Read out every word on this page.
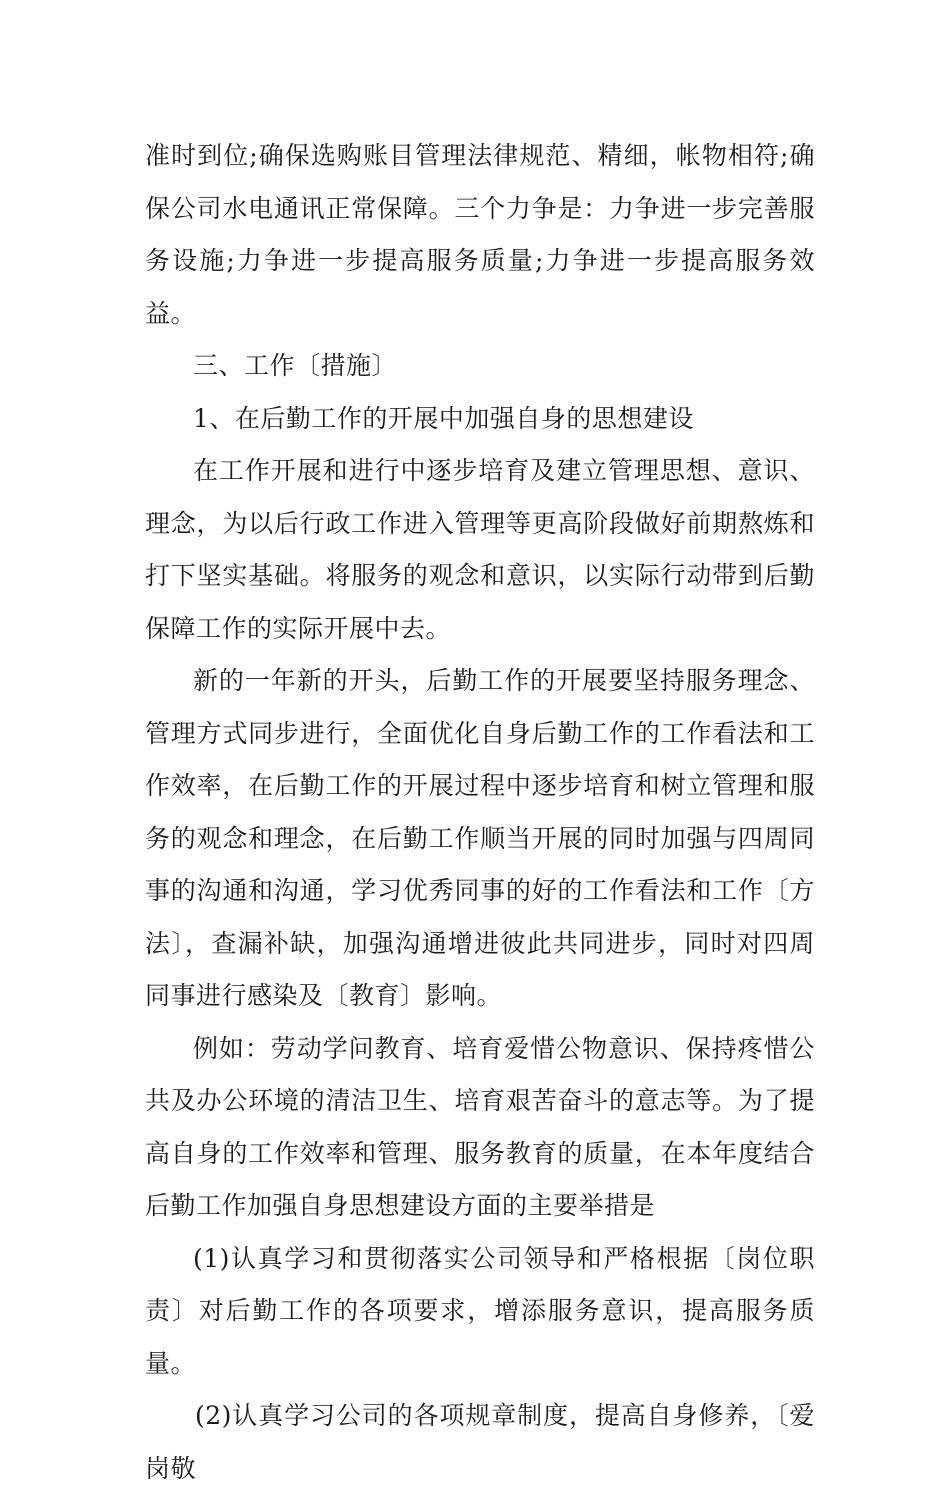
准时到位;确保选购账目管理法律规范、精细，帐物相符;确保公司水电通讯正常保障。三个力争是：力争进一步完善服务设施;力争进一步提高服务质量;力争进一步提高服务效益。

三、工作〔措施〕

1、在后勤工作的开展中加强自身的思想建设

在工作开展和进行中逐步培育及建立管理思想、意识、理念，为以后行政工作进入管理等更高阶段做好前期熬炼和打下坚实基础。将服务的观念和意识，以实际行动带到后勤保障工作的实际开展中去。

新的一年新的开头，后勤工作的开展要坚持服务理念、管理方式同步进行，全面优化自身后勤工作的工作看法和工作效率，在后勤工作的开展过程中逐步培育和树立管理和服务的观念和理念，在后勤工作顺当开展的同时加强与四周同事的沟通和沟通，学习优秀同事的好的工作看法和工作〔方法〕，查漏补缺，加强沟通增进彼此共同进步，同时对四周同事进行感染及〔教育〕影响。

例如：劳动学问教育、培育爱惜公物意识、保持疼惜公共及办公环境的清洁卫生、培育艰苦奋斗的意志等。为了提高自身的工作效率和管理、服务教育的质量，在本年度结合后勤工作加强自身思想建设方面的主要举措是

(1)认真学习和贯彻落实公司领导和严格根据〔岗位职责〕对后勤工作的各项要求，增添服务意识，提高服务质量。

(2)认真学习公司的各项规章制度，提高自身修养，〔爱岗敬
